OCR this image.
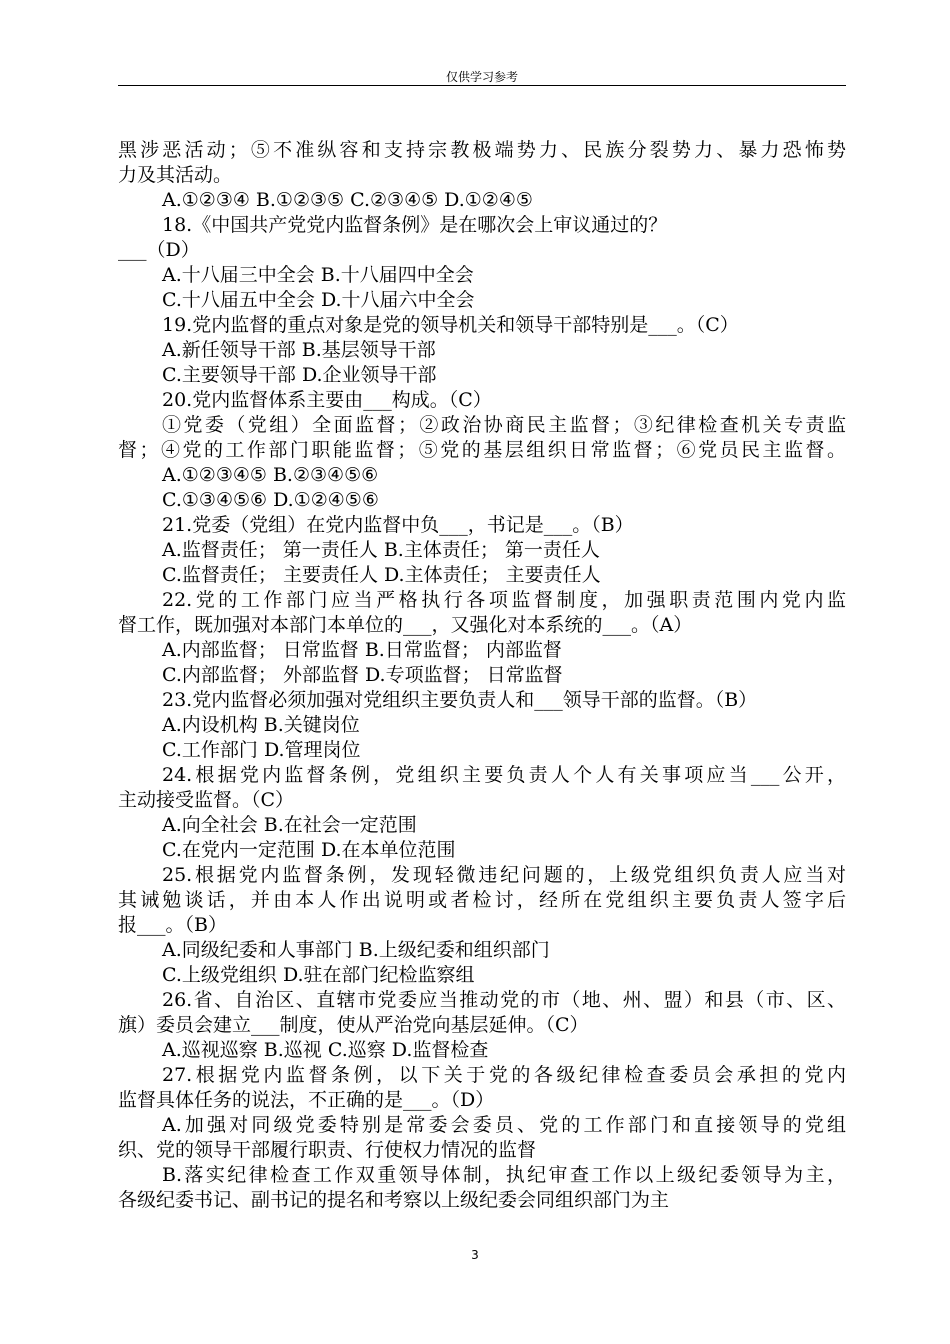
仅供学习参考
黑涉恶活动；⑤不准纵容和支持宗教极端势力、民族分裂势力、暴力恐怖势
力及其活动。
A.①②③④ B.①②③⑤ C.②③④⑤ D.①②④⑤
18.《中国共产党党内监督条例》是在哪次会上审议通过的？
___（D）
A.十八届三中全会 B.十八届四中全会
C.十八届五中全会 D.十八届六中全会
19.党内监督的重点对象是党的领导机关和领导干部特别是___。（C）
A.新任领导干部 B.基层领导干部
C.主要领导干部 D.企业领导干部
20.党内监督体系主要由___构成。（C）
①党委（党组）全面监督；②政治协商民主监督；③纪律检查机关专责监
督；④党的工作部门职能监督；⑤党的基层组织日常监督；⑥党员民主监督。
A.①②③④⑤ B.②③④⑤⑥
C.①③④⑤⑥ D.①②④⑤⑥
21.党委（党组）在党内监督中负___，书记是___。（B）
A.监督责任； 第一责任人 B.主体责任； 第一责任人
C.监督责任； 主要责任人 D.主体责任； 主要责任人
22.党的工作部门应当严格执行各项监督制度，加强职责范围内党内监
督工作，既加强对本部门本单位的___，又强化对本系统的___。（A）
A.内部监督； 日常监督 B.日常监督； 内部监督
C.内部监督； 外部监督 D.专项监督； 日常监督
23.党内监督必须加强对党组织主要负责人和___领导干部的监督。（B）
A.内设机构 B.关键岗位
C.工作部门 D.管理岗位
24.根据党内监督条例，党组织主要负责人个人有关事项应当___公开，
主动接受监督。（C）
A.向全社会 B.在社会一定范围
C.在党内一定范围 D.在本单位范围
25.根据党内监督条例，发现轻微违纪问题的，上级党组织负责人应当对
其诫勉谈话，并由本人作出说明或者检讨，经所在党组织主要负责人签字后
报___。（B）
A.同级纪委和人事部门 B.上级纪委和组织部门
C.上级党组织 D.驻在部门纪检监察组
26.省、自治区、直辖市党委应当推动党的市（地、州、盟）和县（市、区、
旗）委员会建立___制度，使从严治党向基层延伸。（C）
A.巡视巡察 B.巡视 C.巡察 D.监督检查
27.根据党内监督条例，以下关于党的各级纪律检查委员会承担的党内
监督具体任务的说法，不正确的是___。（D）
A.加强对同级党委特别是常委会委员、党的工作部门和直接领导的党组
织、党的领导干部履行职责、行使权力情况的监督
B.落实纪律检查工作双重领导体制，执纪审查工作以上级纪委领导为主，
各级纪委书记、副书记的提名和考察以上级纪委会同组织部门为主
3
